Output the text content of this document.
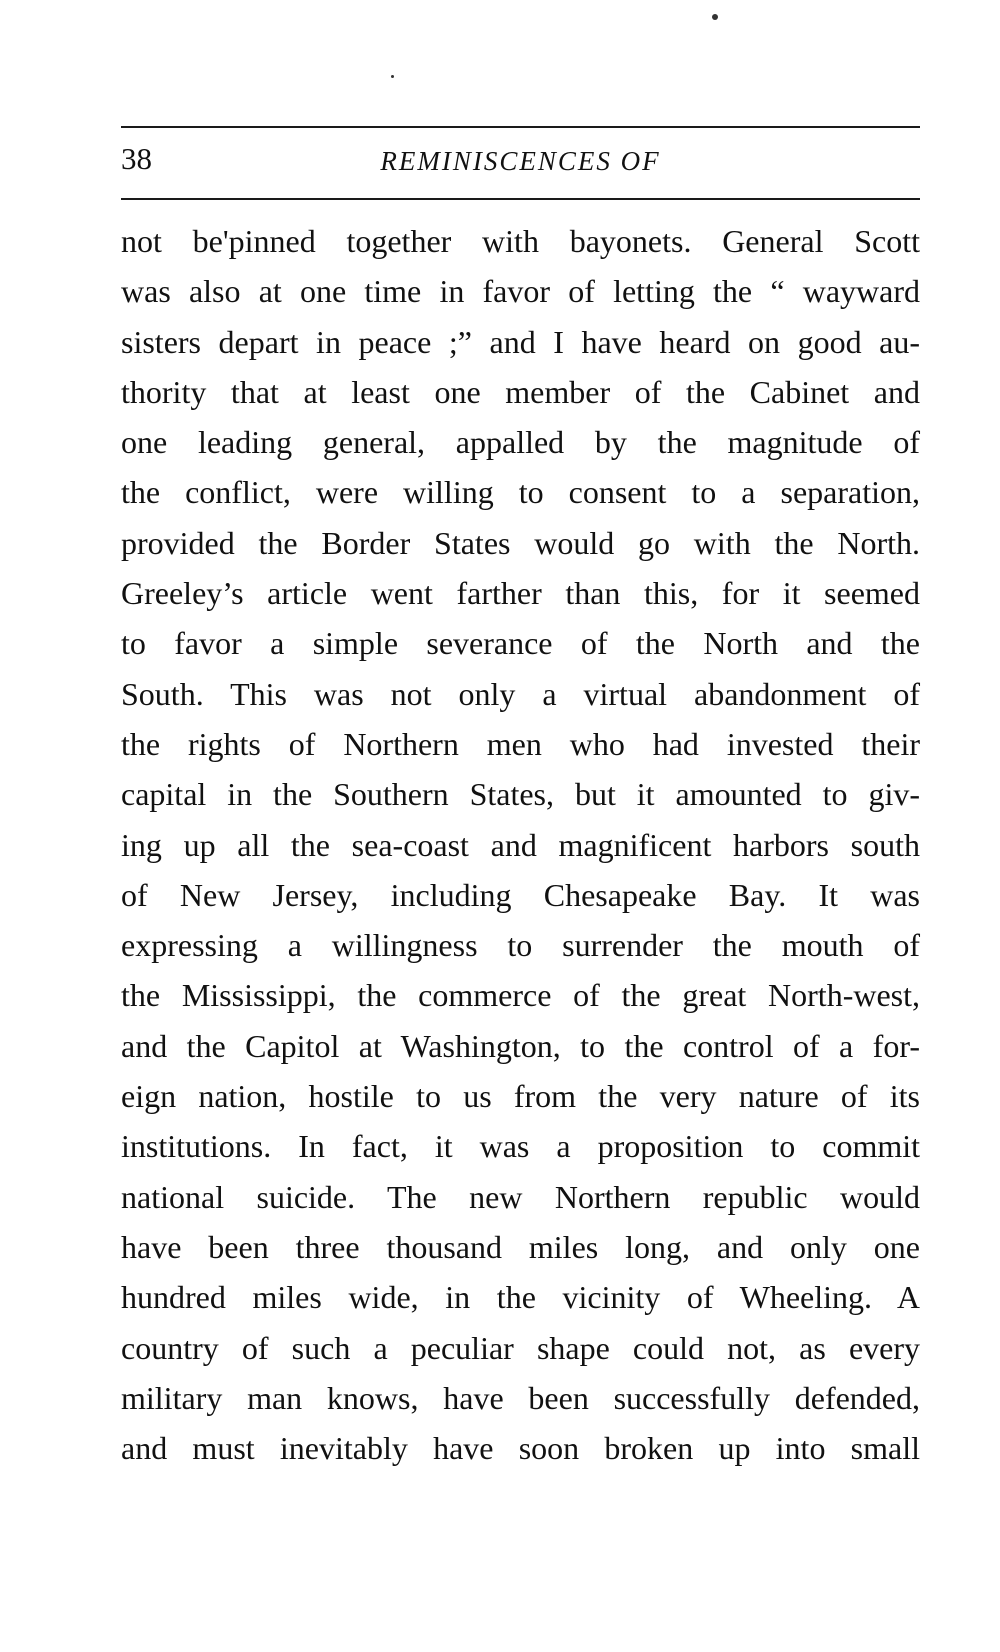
38	REMINISCENCES OF

not be'pinned together with bayonets. General Scott
was also at one time in favor of letting the “ wayward
sisters depart in peace ;” and I have heard on good au-
thority that at least one member of the Cabinet and
one leading general, appalled by the magnitude of
the conflict, were willing to consent to a separation,
provided the Border States would go with the North.
Greeley’s article went farther than this, for it seemed
to favor a simple severance of the North and the
South. This was not only a virtual abandonment of
the rights of Northern men who had invested their
capital in the Southern States, but it amounted to giv-
ing up all the sea-coast and magnificent harbors south
of New Jersey, including Chesapeake Bay. It was
expressing a willingness to surrender the mouth of
the Mississippi, the commerce of the great North-west,
and the Capitol at Washington, to the control of a for-
eign nation, hostile to us from the very nature of its
institutions. In fact, it was a proposition to commit
national suicide. The new Northern republic would
have been three thousand miles long, and only one
hundred miles wide, in the vicinity of Wheeling. A
country of such a peculiar shape could not, as every
military man knows, have been successfully defended,
and must inevitably have soon broken up into small
